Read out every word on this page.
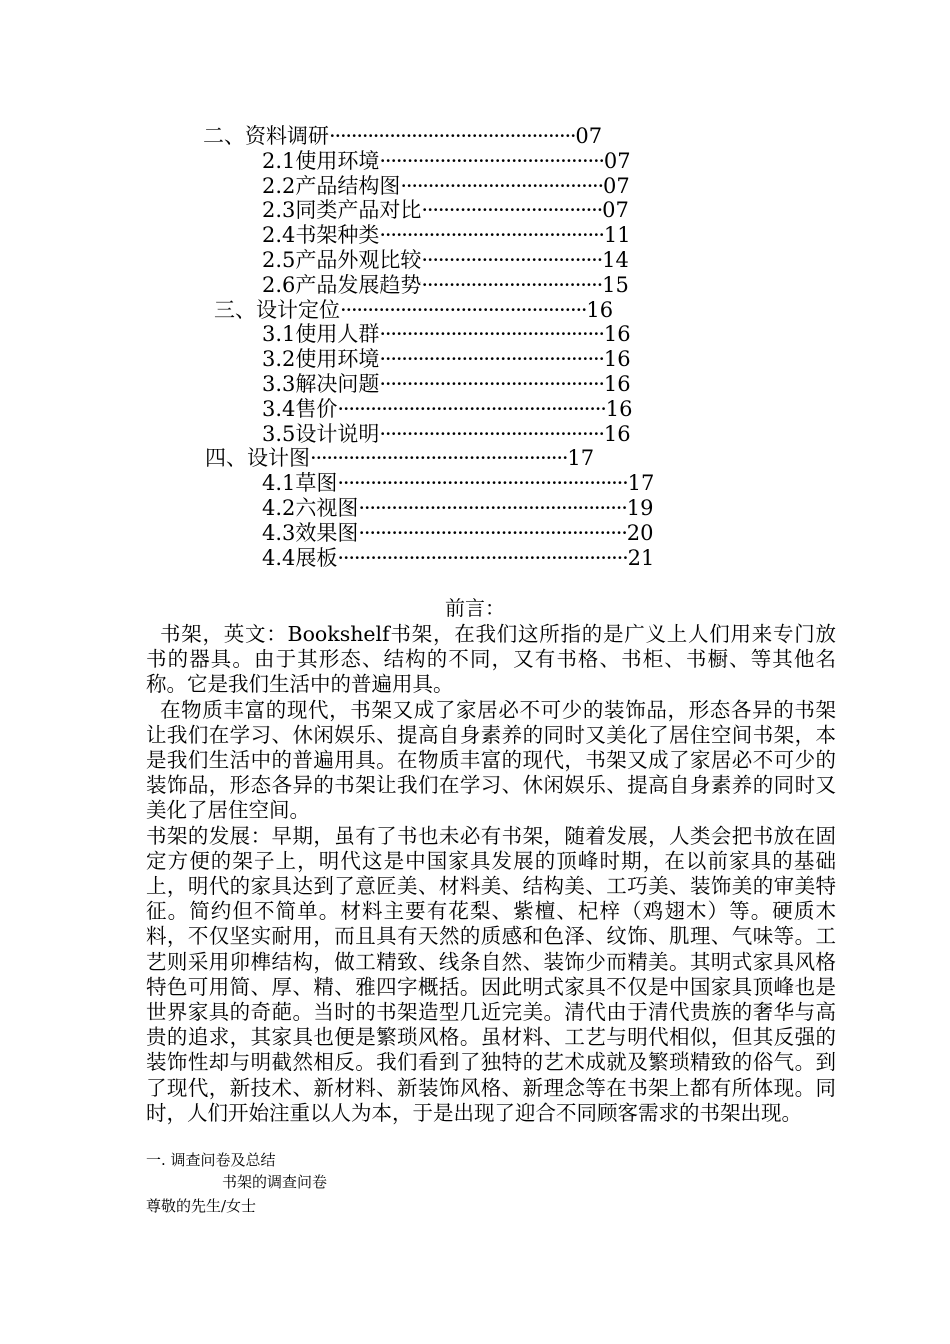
二、资料调研·············································07
2.1使用环境·········································07
2.2产品结构图·····································07
2.3同类产品对比·································07
2.4书架种类·········································11
2.5产品外观比较·································14
2.6产品发展趋势·································15
三、设计定位·············································16
3.1使用人群·········································16
3.2使用环境·········································16
3.3解决问题·········································16
3.4售价·················································16
3.5设计说明·········································16
四、设计图···············································17
4.1草图·····················································17
4.2六视图·················································19
4.3效果图·················································20
4.4展板·····················································21
前言：

书架，英文：Bookshelf书架，在我们这所指的是广义上人们用来专门放书的器具。由于其形态、结构的不同，又有书格、书柜、书橱、等其他名称。它是我们生活中的普遍用具。

在物质丰富的现代，书架又成了家居必不可少的装饰品，形态各异的书架让我们在学习、休闲娱乐、提高自身素养的同时又美化了居住空间书架，本是我们生活中的普遍用具。在物质丰富的现代，书架又成了家居必不可少的装饰品，形态各异的书架让我们在学习、休闲娱乐、提高自身素养的同时又美化了居住空间。

书架的发展：早期，虽有了书也未必有书架，随着发展，人类会把书放在固定方便的架子上，明代这是中国家具发展的顶峰时期，在以前家具的基础上，明代的家具达到了意匠美、材料美、结构美、工巧美、装饰美的审美特征。简约但不简单。材料主要有花梨、紫檀、杞梓（鸡翅木）等。硬质木料，不仅坚实耐用，而且具有天然的质感和色泽、纹饰、肌理、气味等。工艺则采用卯榫结构，做工精致、线条自然、装饰少而精美。其明式家具风格特色可用简、厚、精、雅四字概括。因此明式家具不仅是中国家具顶峰也是世界家具的奇葩。当时的书架造型几近完美。清代由于清代贵族的奢华与高贵的追求，其家具也便是繁琐风格。虽材料、工艺与明代相似，但其反强的装饰性却与明截然相反。我们看到了独特的艺术成就及繁琐精致的俗气。到了现代，新技术、新材料、新装饰风格、新理念等在书架上都有所体现。同时，人们开始注重以人为本，于是出现了迎合不同顾客需求的书架出现。

一. 调查问卷及总结
书架的调查问卷
尊敬的先生/女士
